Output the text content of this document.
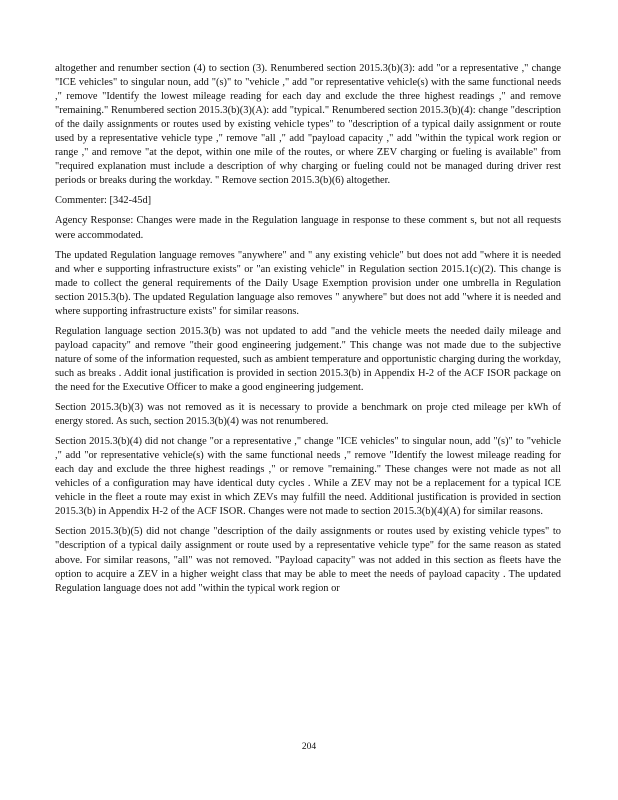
altogether and renumber section (4) to section (3). Renumbered section 2015.3(b)(3): add "or a representative ," change "ICE vehicles" to singular noun, add "(s)" to "vehicle ," add "or representative vehicle(s) with the same functional needs ," remove "Identify the lowest mileage reading for each day and exclude the three highest readings ," and remove "remaining." Renumbered section 2015.3(b)(3)(A): add "typical." Renumbered section 2015.3(b)(4): change "description of the daily assignments or routes used by existing vehicle types" to "description of a typical daily assignment or route used by a representative vehicle type ," remove "all ," add "payload capacity ," add "within the typical work region or range ," and remove "at the depot, within one mile of the routes, or where ZEV charging or fueling is available" from "required explanation must include a description of why charging or fueling could not be managed during driver rest periods or breaks during the workday. " Remove section 2015.3(b)(6) altogether.

Commenter: [342-45d]

Agency Response: Changes were made in the Regulation language in response to these comment s, but not all requests were accommodated.

The updated Regulation language removes "anywhere" and " any existing vehicle" but does not add "where it is needed and wher e supporting infrastructure exists" or "an existing vehicle" in Regulation section 2015.1(c)(2). This change is made to collect the general requirements of the Daily Usage Exemption provision under one umbrella in Regulation section 2015.3(b). The updated Regulation language also removes " anywhere" but does not add "where it is needed and where supporting infrastructure exists" for similar reasons.

Regulation language section 2015.3(b) was not updated to add "and the vehicle meets the needed daily mileage and payload capacity" and remove "their good engineering judgement." This change was not made due to the subjective nature of some of the information requested, such as ambient temperature and opportunistic charging during the workday, such as breaks . Addit ional justification is provided in section 2015.3(b) in Appendix H-2 of the ACF ISOR package on the need for the Executive Officer to make a good engineering judgement.

Section 2015.3(b)(3) was not removed as it is necessary to provide a benchmark on proje cted mileage per kWh of energy stored. As such, section 2015.3(b)(4) was not renumbered.

Section 2015.3(b)(4) did not change "or a representative ," change "ICE vehicles" to singular noun, add "(s)" to "vehicle ," add "or representative vehicle(s) with the same functional needs ," remove "Identify the lowest mileage reading for each day and exclude the three highest readings ," or remove "remaining." These changes were not made as not all vehicles of a configuration may have identical duty cycles . While a ZEV may not be a replacement for a typical ICE vehicle in the fleet a route may exist in which ZEVs may fulfill the need. Additional justification is provided in section 2015.3(b) in Appendix H-2 of the ACF ISOR. Changes were not made to section 2015.3(b)(4)(A) for similar reasons.

Section 2015.3(b)(5) did not change "description of the daily assignments or routes used by existing vehicle types" to "description of a typical daily assignment or route used by a representative vehicle type" for the same reason as stated above. For similar reasons, "all" was not removed. "Payload capacity" was not added in this section as fleets have the option to acquire a ZEV in a higher weight class that may be able to meet the needs of payload capacity . The updated Regulation language does not add "within the typical work region or

204
